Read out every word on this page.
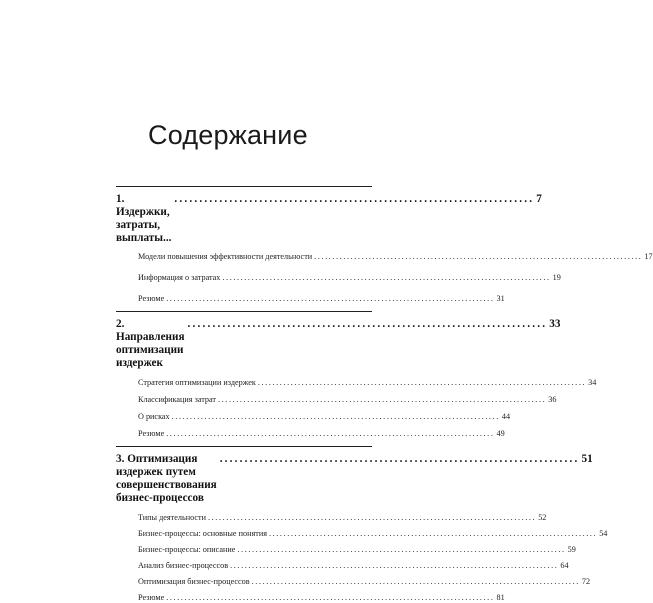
Содержание
1. Издержки, затраты, выплаты...
........................................................................ 7
Модели повышения эффективности деятельности .......................................................................................... 17
Информация о затратах .......................................................................................... 19
Резюме .......................................................................................... 31
2. Направления оптимизации издержек
........................................................................ 33
Стратегия оптимизации издержек .......................................................................................... 34
Классификация затрат .......................................................................................... 36
О рисках .......................................................................................... 44
Резюме .......................................................................................... 49
3. Оптимизация издержек путем
совершенствования бизнес-процессов
........................................................................ 51
Типы деятельности .......................................................................................... 52
Бизнес-процессы: основные понятия .......................................................................................... 54
Бизнес-процессы: описание .......................................................................................... 59
Анализ бизнес-процессов .......................................................................................... 64
Оптимизация бизнес-процессов .......................................................................................... 72
Резюме .......................................................................................... 81
